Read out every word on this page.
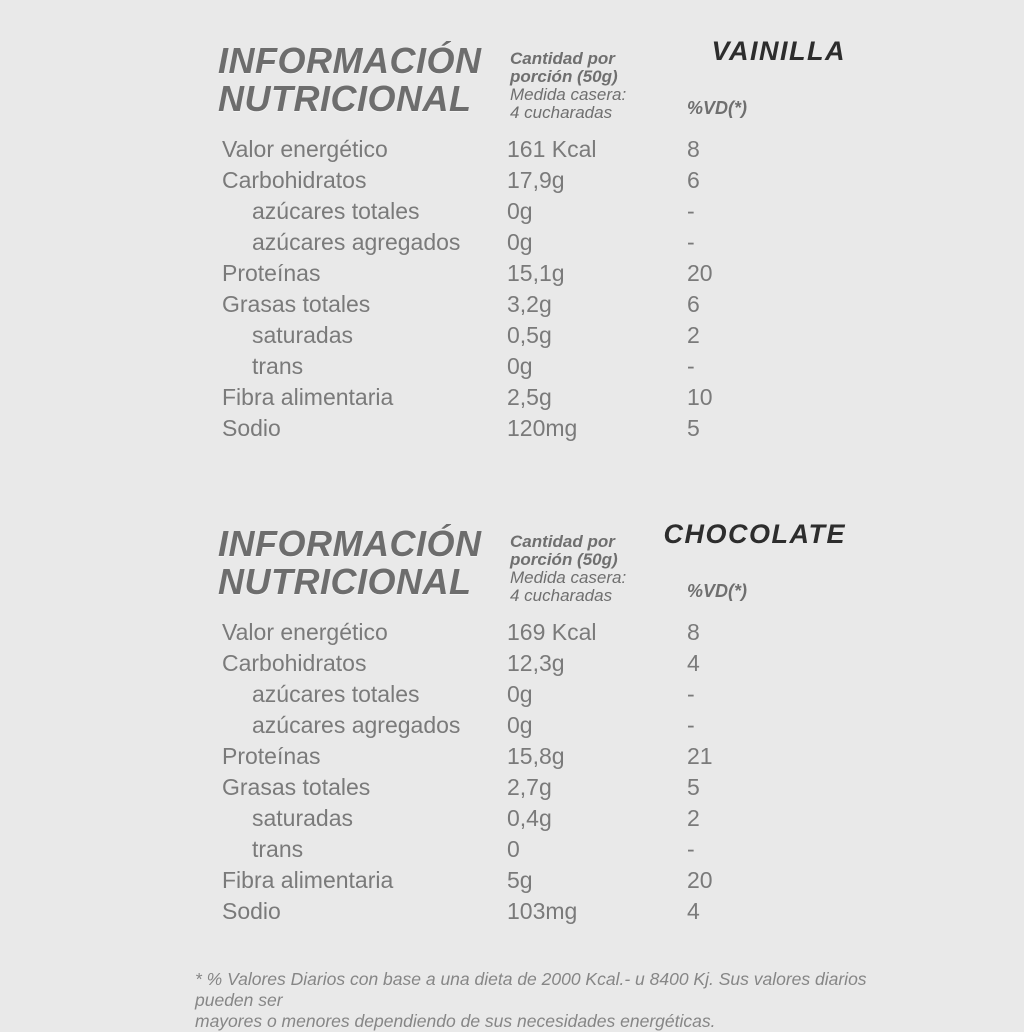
INFORMACIÓN
NUTRICIONAL
Cantidad por
porción (50g)
Medida casera:
4 cucharadas
VAINILLA
%VD(*)
Valor energético	161 Kcal	8
Carbohidratos	17,9g	6
azúcares totales	0g	-
azúcares agregados 0g	-
Proteínas	15,1g	20
Grasas totales	3,2g	6
saturadas	0,5g	2
trans	0g	-
Fibra alimentaria	2,5g	10
Sodio	120mg	5
INFORMACIÓN
NUTRICIONAL
Cantidad por
porción (50g)
Medida casera:
4 cucharadas
CHOCOLATE
%VD(*)
Valor energético	169 Kcal	8
Carbohidratos	12,3g	4
azúcares totales	0g	-
azúcares agregados 0g	-
Proteínas	15,8g	21
Grasas totales	2,7g	5
saturadas	0,4g	2
trans	0	-
Fibra alimentaria	5g	20
Sodio	103mg	4
* % Valores Diarios con base a una dieta de 2000 Kcal.- u 8400 Kj. Sus valores diarios pueden ser
mayores o menores dependiendo de sus necesidades energéticas.
